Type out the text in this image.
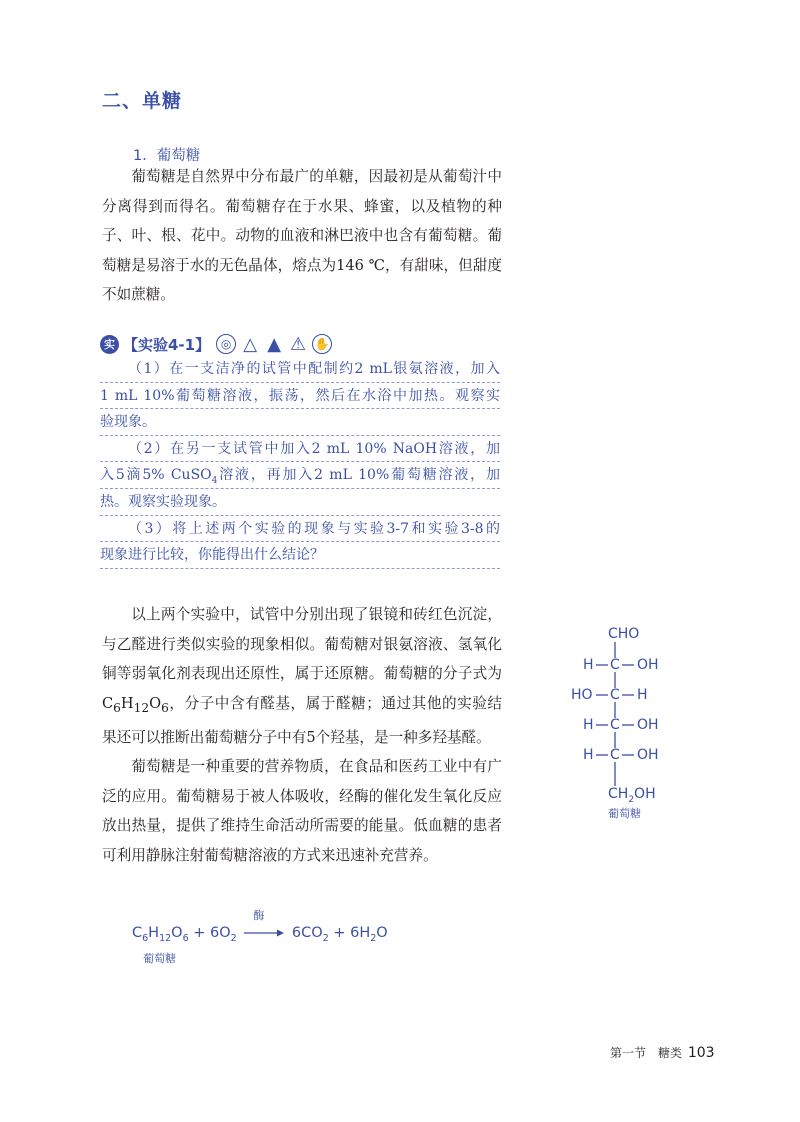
二、单糖
1．葡萄糖

葡萄糖是自然界中分布最广的单糖，因最初是从葡萄汁中分离得到而得名。葡萄糖存在于水果、蜂蜜，以及植物的种子、叶、根、花中。动物的血液和淋巴液中也含有葡萄糖。葡萄糖是易溶于水的无色晶体，熔点为146 ℃，有甜味，但甜度不如蔗糖。

实 【实验4-1】 ◎ △ ▲ ⚠ ✋
（1）在一支洁净的试管中配制约2 mL银氨溶液，加入
1 mL 10%葡萄糖溶液，振荡，然后在水浴中加热。观察实
验现象。
（2）在另一支试管中加入2 mL 10% NaOH溶液，加
入5滴5% CuSO$_4$溶液，再加入2 mL 10%葡萄糖溶液，加
热。观察实验现象。
（3）将上述两个实验的现象与实验3-7和实验3-8的
现象进行比较，你能得出什么结论？

以上两个实验中，试管中分别出现了银镜和砖红色沉淀，与乙醛进行类似实验的现象相似。葡萄糖对银氨溶液、氢氧化铜等弱氧化剂表现出还原性，属于还原糖。葡萄糖的分子式为$C_6H_{12}O_6$，分子中含有醛基，属于醛糖；通过其他的实验结果还可以推断出葡萄糖分子中有5个羟基，是一种多羟基醛。

葡萄糖是一种重要的营养物质，在食品和医药工业中有广泛的应用。葡萄糖易于被人体吸收，经酶的催化发生氧化反应放出热量，提供了维持生命活动所需要的能量。低血糖的患者可利用静脉注射葡萄糖溶液的方式来迅速补充营养。

CHO
H C OH
HO C H
H C OH
H C OH
$CH_2OH$
葡萄糖
$C_6H_{12}O_6 + 6O_2$
酶
$6CO_2 + 6H_2O$
葡萄糖
第一节　糖类 103
